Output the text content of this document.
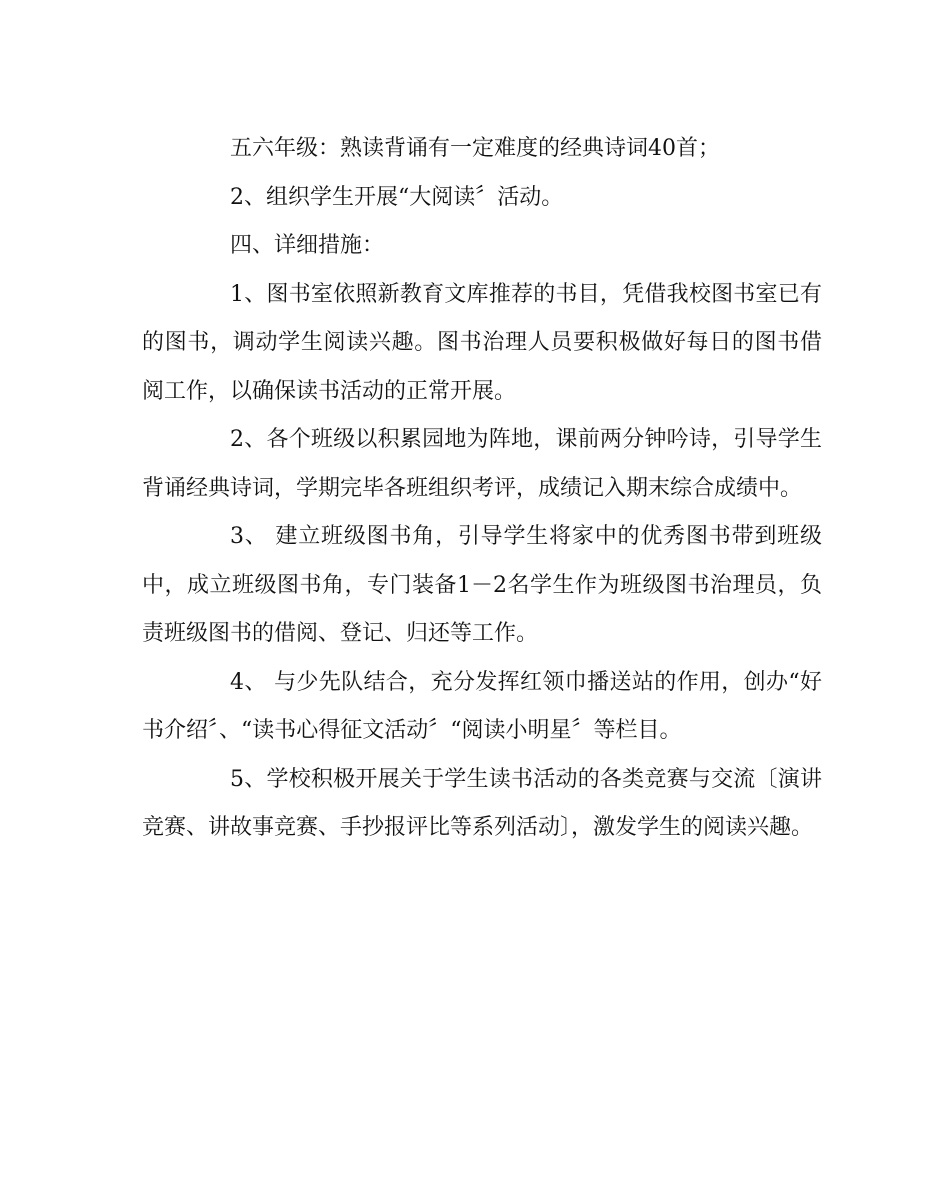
五六年级：熟读背诵有一定难度的经典诗词40首；

2、组织学生开展“大阅读〞活动。

四、详细措施：

1、图书室依照新教育文库推荐的书目，凭借我校图书室已有的图书，调动学生阅读兴趣。图书治理人员要积极做好每日的图书借阅工作，以确保读书活动的正常开展。

2、各个班级以积累园地为阵地，课前两分钟吟诗，引导学生背诵经典诗词，学期完毕各班组织考评，成绩记入期末综合成绩中。

3、 建立班级图书角，引导学生将家中的优秀图书带到班级中，成立班级图书角，专门装备1－2名学生作为班级图书治理员，负责班级图书的借阅、登记、归还等工作。

4、 与少先队结合，充分发挥红领巾播送站的作用，创办“好书介绍〞、“读书心得征文活动〞“阅读小明星〞等栏目。

5、学校积极开展关于学生读书活动的各类竞赛与交流〔演讲竞赛、讲故事竞赛、手抄报评比等系列活动〕，激发学生的阅读兴趣。
